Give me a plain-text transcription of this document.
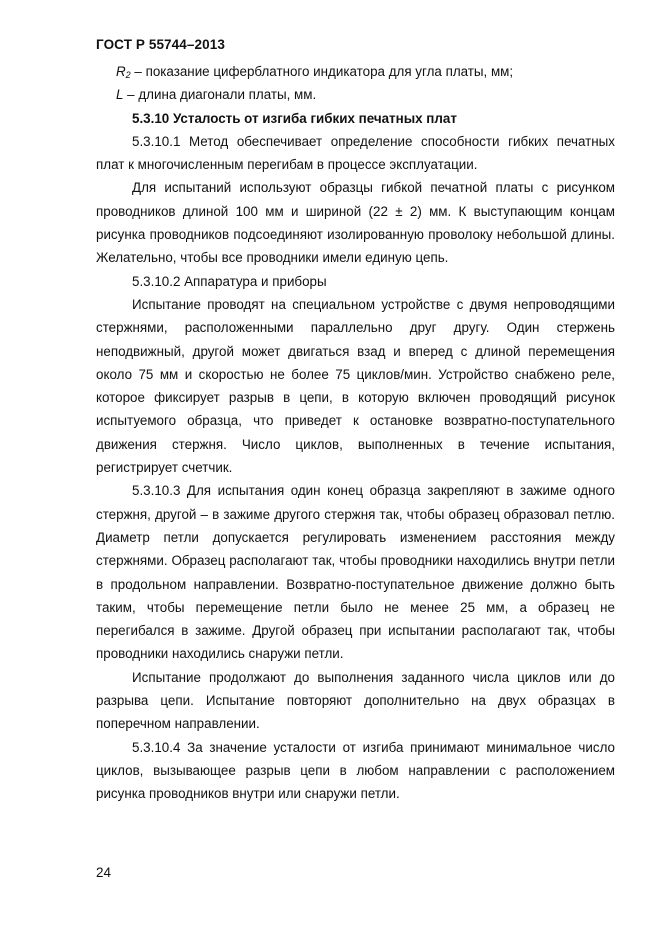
ГОСТ Р 55744–2013

$R_2$ – показание циферблатного индикатора для угла платы, мм;

L – длина диагонали платы, мм.

5.3.10 Усталость от изгиба гибких печатных плат

5.3.10.1 Метод обеспечивает определение способности гибких печатных плат к многочисленным перегибам в процессе эксплуатации.

Для испытаний используют образцы гибкой печатной платы с рисунком проводников длиной 100 мм и шириной (22 ± 2) мм. К выступающим концам рисунка проводников подсоединяют изолированную проволоку небольшой длины. Желательно, чтобы все проводники имели единую цепь.

5.3.10.2 Аппаратура и приборы

Испытание проводят на специальном устройстве с двумя непроводящими стержнями, расположенными параллельно друг другу. Один стержень неподвижный, другой может двигаться взад и вперед с длиной перемещения около 75 мм и скоростью не более 75 циклов/мин. Устройство снабжено реле, которое фиксирует разрыв в цепи, в которую включен проводящий рисунок испытуемого образца, что приведет к остановке возвратно-поступательного движения стержня. Число циклов, выполненных в течение испытания, регистрирует счетчик.

5.3.10.3 Для испытания один конец образца закрепляют в зажиме одного стержня, другой – в зажиме другого стержня так, чтобы образец образовал петлю. Диаметр петли допускается регулировать изменением расстояния между стержнями. Образец располагают так, чтобы проводники находились внутри петли в продольном направлении. Возвратно-поступательное движение должно быть таким, чтобы перемещение петли было не менее 25 мм, а образец не перегибался в зажиме. Другой образец при испытании располагают так, чтобы проводники находились снаружи петли.

Испытание продолжают до выполнения заданного числа циклов или до разрыва цепи. Испытание повторяют дополнительно на двух образцах в поперечном направлении.

5.3.10.4 За значение усталости от изгиба принимают минимальное число циклов, вызывающее разрыв цепи в любом направлении с расположением рисунка проводников внутри или снаружи петли.

24
